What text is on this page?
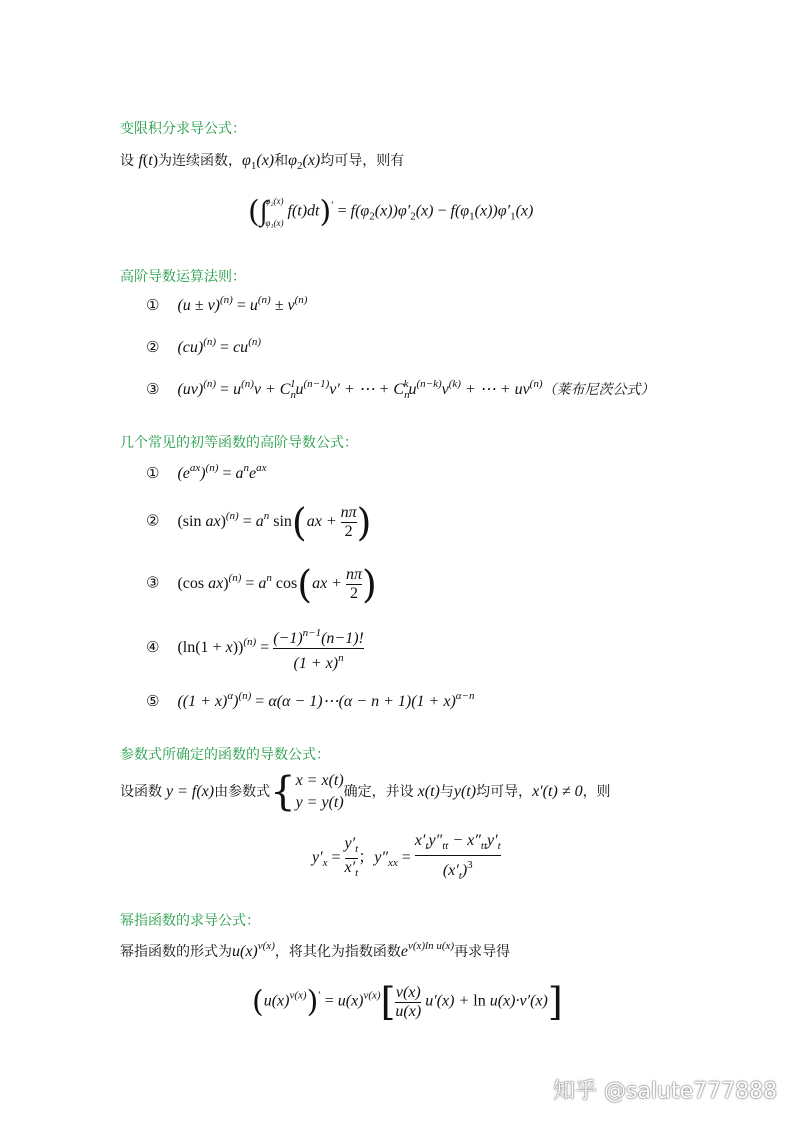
变限积分求导公式：
设 f(t)为连续函数，$\varphi_1(x)$和$\varphi_2(x)$均可导，则有
(∫
φ₂(x)
φ₁(x)
$f(t)dt)' = f(\varphi_2(x))\varphi'_2(x) - f(\varphi_1(x))\varphi'_1(x)$
高阶导数运算法则：
① $(u \pm v)^{(n)} = u^{(n)} \pm v^{(n)}$
② $(cu)^{(n)} = cu^{(n)}$
③ $(uv)^{(n)} = u^{(n)}v + C_n^1u^{(n-1)}v'$ + ⋯ + $C_n^ku^{(n-k)}v^{(k)}$ + ⋯ + $uv^{(n)}$（莱布尼茨公式）
几个常见的初等函数的高阶导数公式：
① $(e^{ax})^{(n)} = a^ne^{ax}$
② (sin $ax)^{(n)} = a^n$ $\sin(ax + \frac{n\pi}{2}$ )
③ (cos $ax)^{(n)} = a^n$ $\cos(ax + \frac{n\pi}{2}$ )
④ $(\ln(1 + x))^{(n)} = \frac{(-1)^{n-1}(n-1)!}{(1 + x)^n}$
⑤ $((1 + x)^\alpha)^{(n)} = \alpha(\alpha$ − 1)⋯(α − $n + 1)(1 + x)^{\alpha-n}$
参数式所确定的函数的导数公式：
设函数 y = f(x)由参数式{ x = x(t)
y = y(t)
确定，并设 x(t)与y(t)均可导，x′(t) ≠ 0，则
$y'_x = \frac{y'_t}{x'_t}$ ；$y''_{xx} = \frac{x'_ty''_{tt} - x''_{tt}y'_t}{(x'_t)^3}$
幂指函数的求导公式：
幂指函数的形式为$u(x)^{v(x)}$，将其化为指数函数$e^{v(x)ln u(x)}$再求导得
$(u(x)^{v(x)})' = u(x)^{v(x)}[ \frac{v(x)}{u(x)} u'(x) + \ln u(x)\cdot v'(x)]$
知乎 @salute777888
